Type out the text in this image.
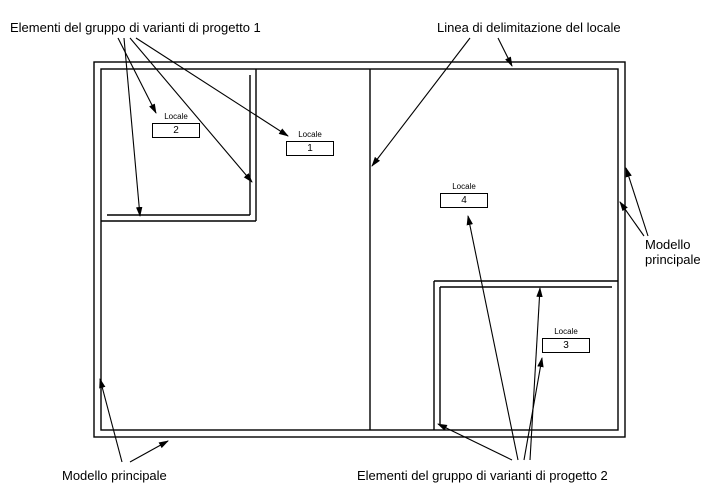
Locale
2	Locale
1
Locale
4
Locale
3
Elementi del gruppo di varianti di progetto 1	Linea di delimitazione del locale
Modello
principale
Modello principale	Elementi del gruppo di varianti di progetto 2
